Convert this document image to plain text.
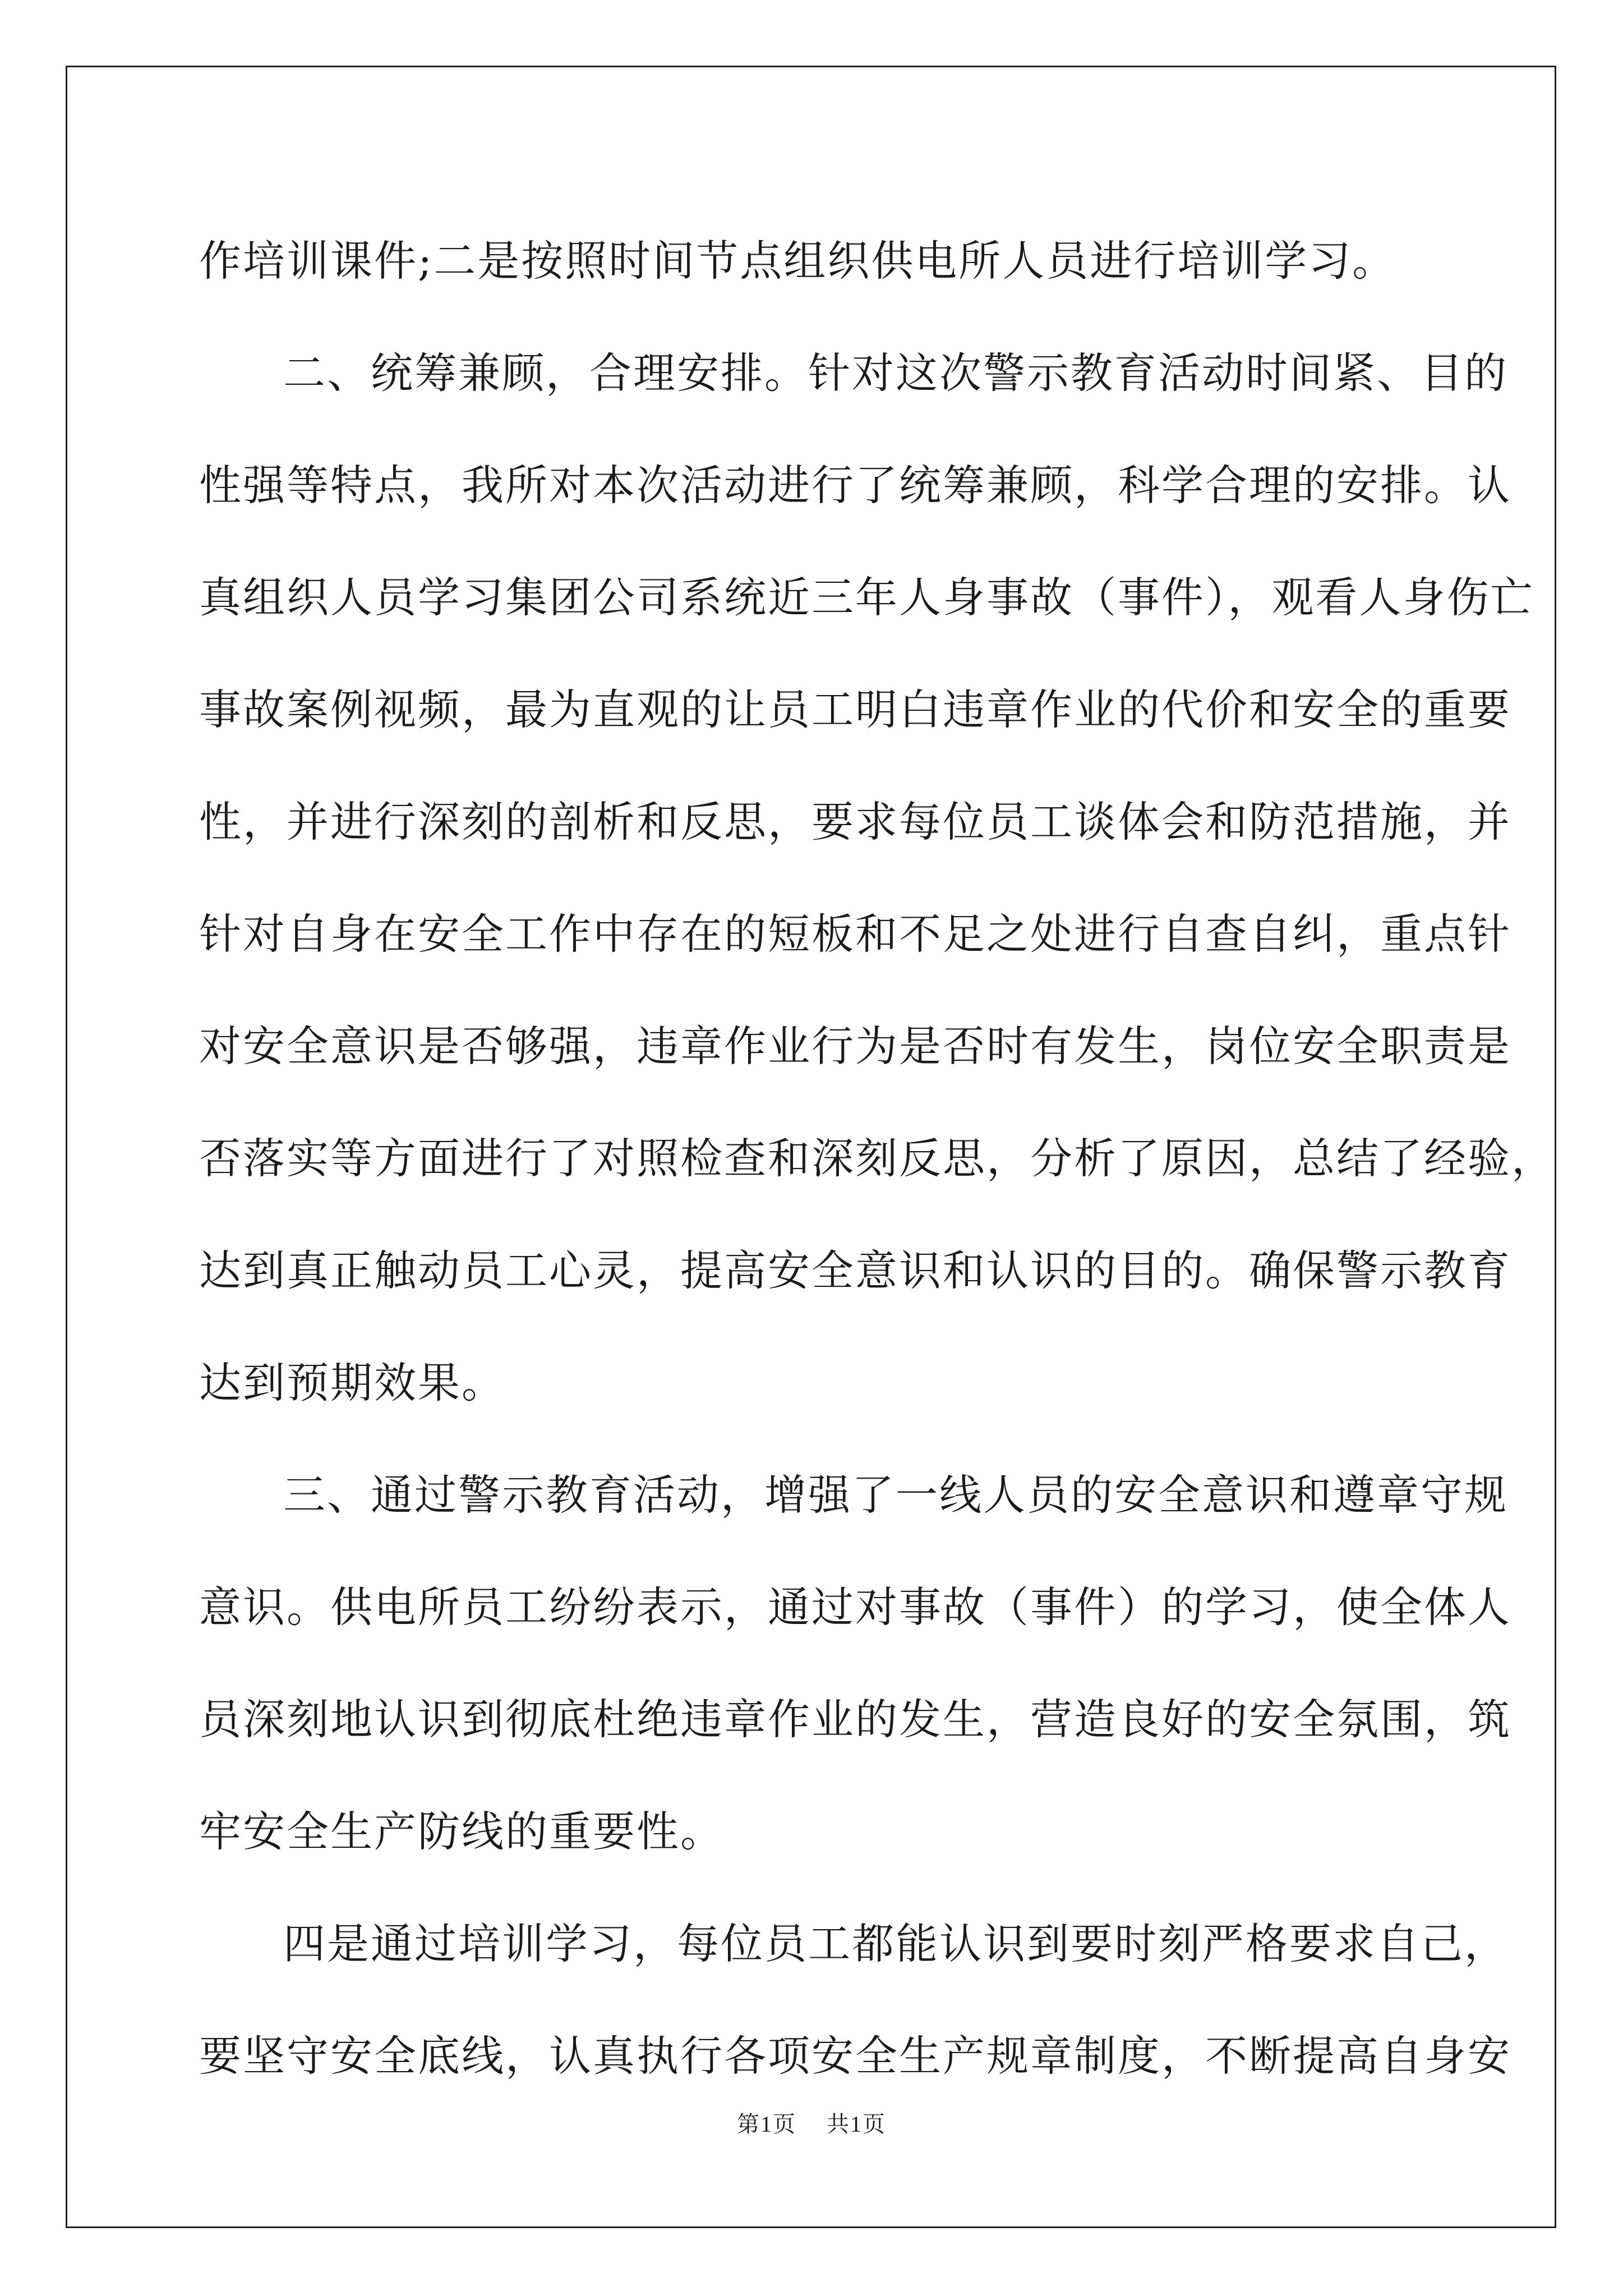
作培训课件;二是按照时间节点组织供电所人员进行培训学习。
二、统筹兼顾，合理安排。针对这次警示教育活动时间紧、目的
性强等特点，我所对本次活动进行了统筹兼顾，科学合理的安排。认
真组织人员学习集团公司系统近三年人身事故（事件），观看人身伤亡
事故案例视频，最为直观的让员工明白违章作业的代价和安全的重要
性，并进行深刻的剖析和反思，要求每位员工谈体会和防范措施，并
针对自身在安全工作中存在的短板和不足之处进行自查自纠，重点针
对安全意识是否够强，违章作业行为是否时有发生，岗位安全职责是
否落实等方面进行了对照检查和深刻反思，分析了原因，总结了经验，
达到真正触动员工心灵，提高安全意识和认识的目的。确保警示教育
达到预期效果。
三、通过警示教育活动，增强了一线人员的安全意识和遵章守规
意识。供电所员工纷纷表示，通过对事故（事件）的学习，使全体人
员深刻地认识到彻底杜绝违章作业的发生，营造良好的安全氛围，筑
牢安全生产防线的重要性。
四是通过培训学习，每位员工都能认识到要时刻严格要求自己，
要坚守安全底线，认真执行各项安全生产规章制度，不断提高自身安
第1页 共1页
